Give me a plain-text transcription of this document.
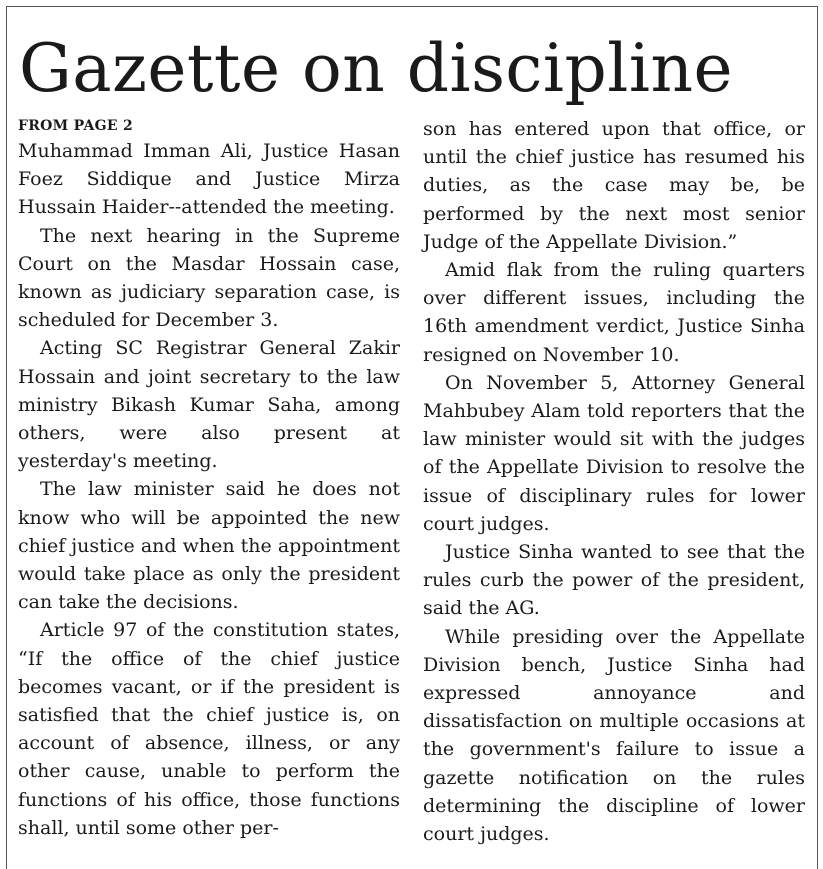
Gazette on discipline

FROM PAGE 2

Muhammad Imman Ali, Justice Hasan Foez Siddique and Justice Mirza Hussain Haider--attended the meeting.

The next hearing in the Supreme Court on the Masdar Hossain case, known as judiciary separation case, is scheduled for December 3.

Acting SC Registrar General Zakir Hossain and joint secretary to the law ministry Bikash Kumar Saha, among others, were also present at yesterday's meeting.

The law minister said he does not know who will be appointed the new chief justice and when the appointment would take place as only the president can take the decisions.

Article 97 of the constitution states, “If the office of the chief justice becomes vacant, or if the president is satisfied that the chief justice is, on account of absence, illness, or any other cause, unable to perform the functions of his office, those functions shall, until some other per-

son has entered upon that office, or until the chief justice has resumed his duties, as the case may be, be performed by the next most senior Judge of the Appellate Division.”

Amid flak from the ruling quarters over different issues, including the 16th amendment verdict, Justice Sinha resigned on November 10.

On November 5, Attorney General Mahbubey Alam told reporters that the law minister would sit with the judges of the Appellate Division to resolve the issue of disciplinary rules for lower court judges.

Justice Sinha wanted to see that the rules curb the power of the president, said the AG.

While presiding over the Appellate Division bench, Justice Sinha had expressed annoyance and dissatisfaction on multiple occasions at the government's failure to issue a gazette notification on the rules determining the discipline of lower court judges.
